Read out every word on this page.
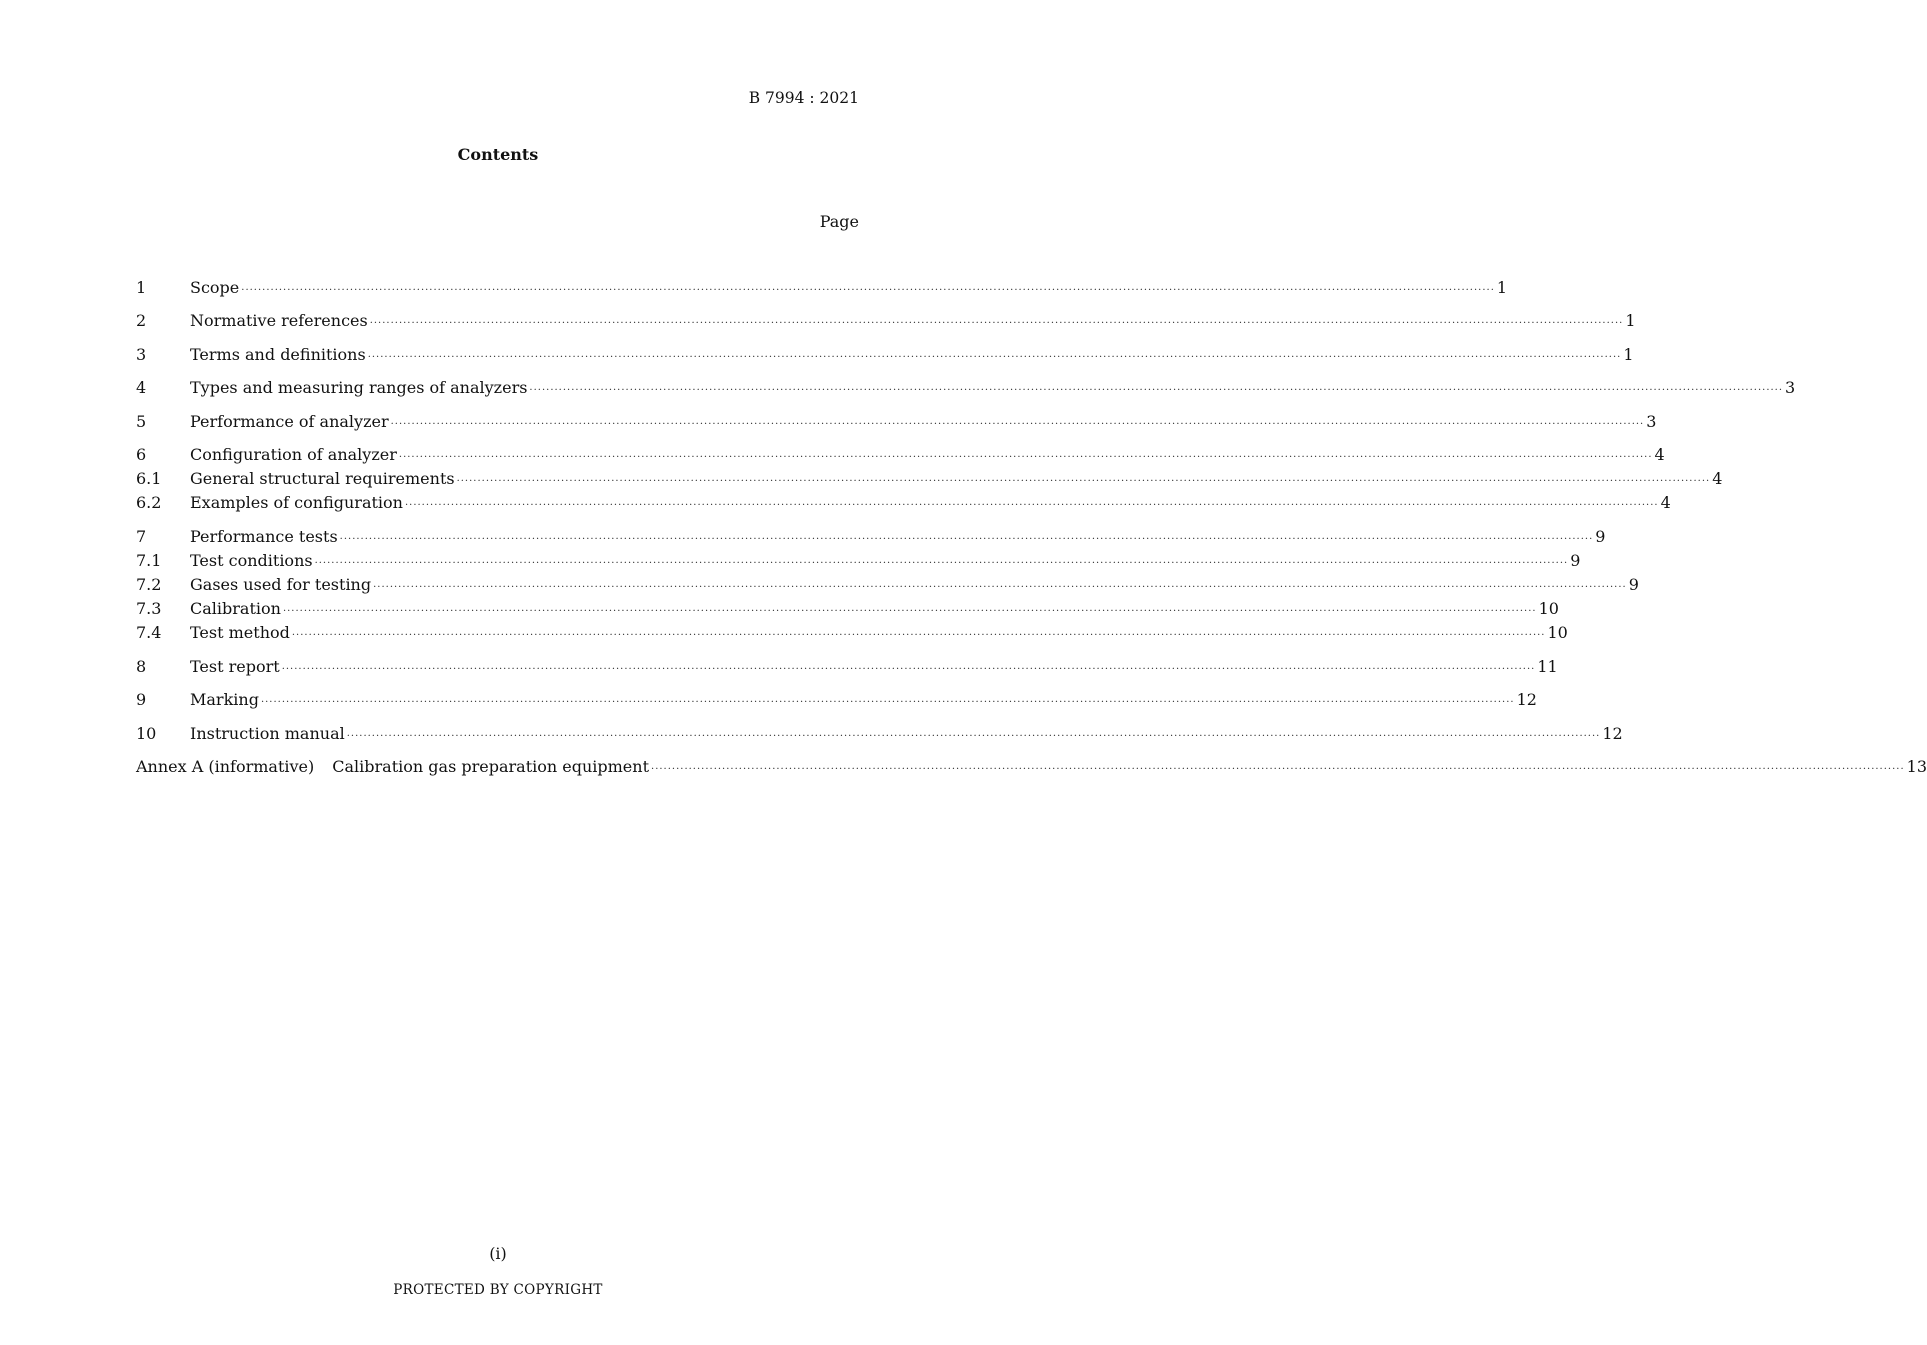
B 7994 : 2021
Contents
Page
1	Scope ············································································································································································································································································································ 1
2	Normative references ············································································································································································································································································································ 1
3	Terms and definitions ············································································································································································································································································································ 1
4	Types and measuring ranges of analyzers ············································································································································································································································································································ 3
5	Performance of analyzer ············································································································································································································································································································ 3
6	Configuration of analyzer ············································································································································································································································································································ 4
6.1	General structural requirements ············································································································································································································································································································ 4
6.2	Examples of configuration ············································································································································································································································································································ 4
7	Performance tests ············································································································································································································································································································ 9
7.1	Test conditions ············································································································································································································································································································ 9
7.2	Gases used for testing ············································································································································································································································································································ 9
7.3	Calibration ············································································································································································································································································································ 10
7.4	Test method ············································································································································································································································································································ 10
8	Test report ············································································································································································································································································································ 11
9	Marking ············································································································································································································································································································ 12
10	Instruction manual ············································································································································································································································································································ 12
Annex A (informative) Calibration gas preparation equipment ············································································································································································································································································································ 13
(i)
PROTECTED BY COPYRIGHT
